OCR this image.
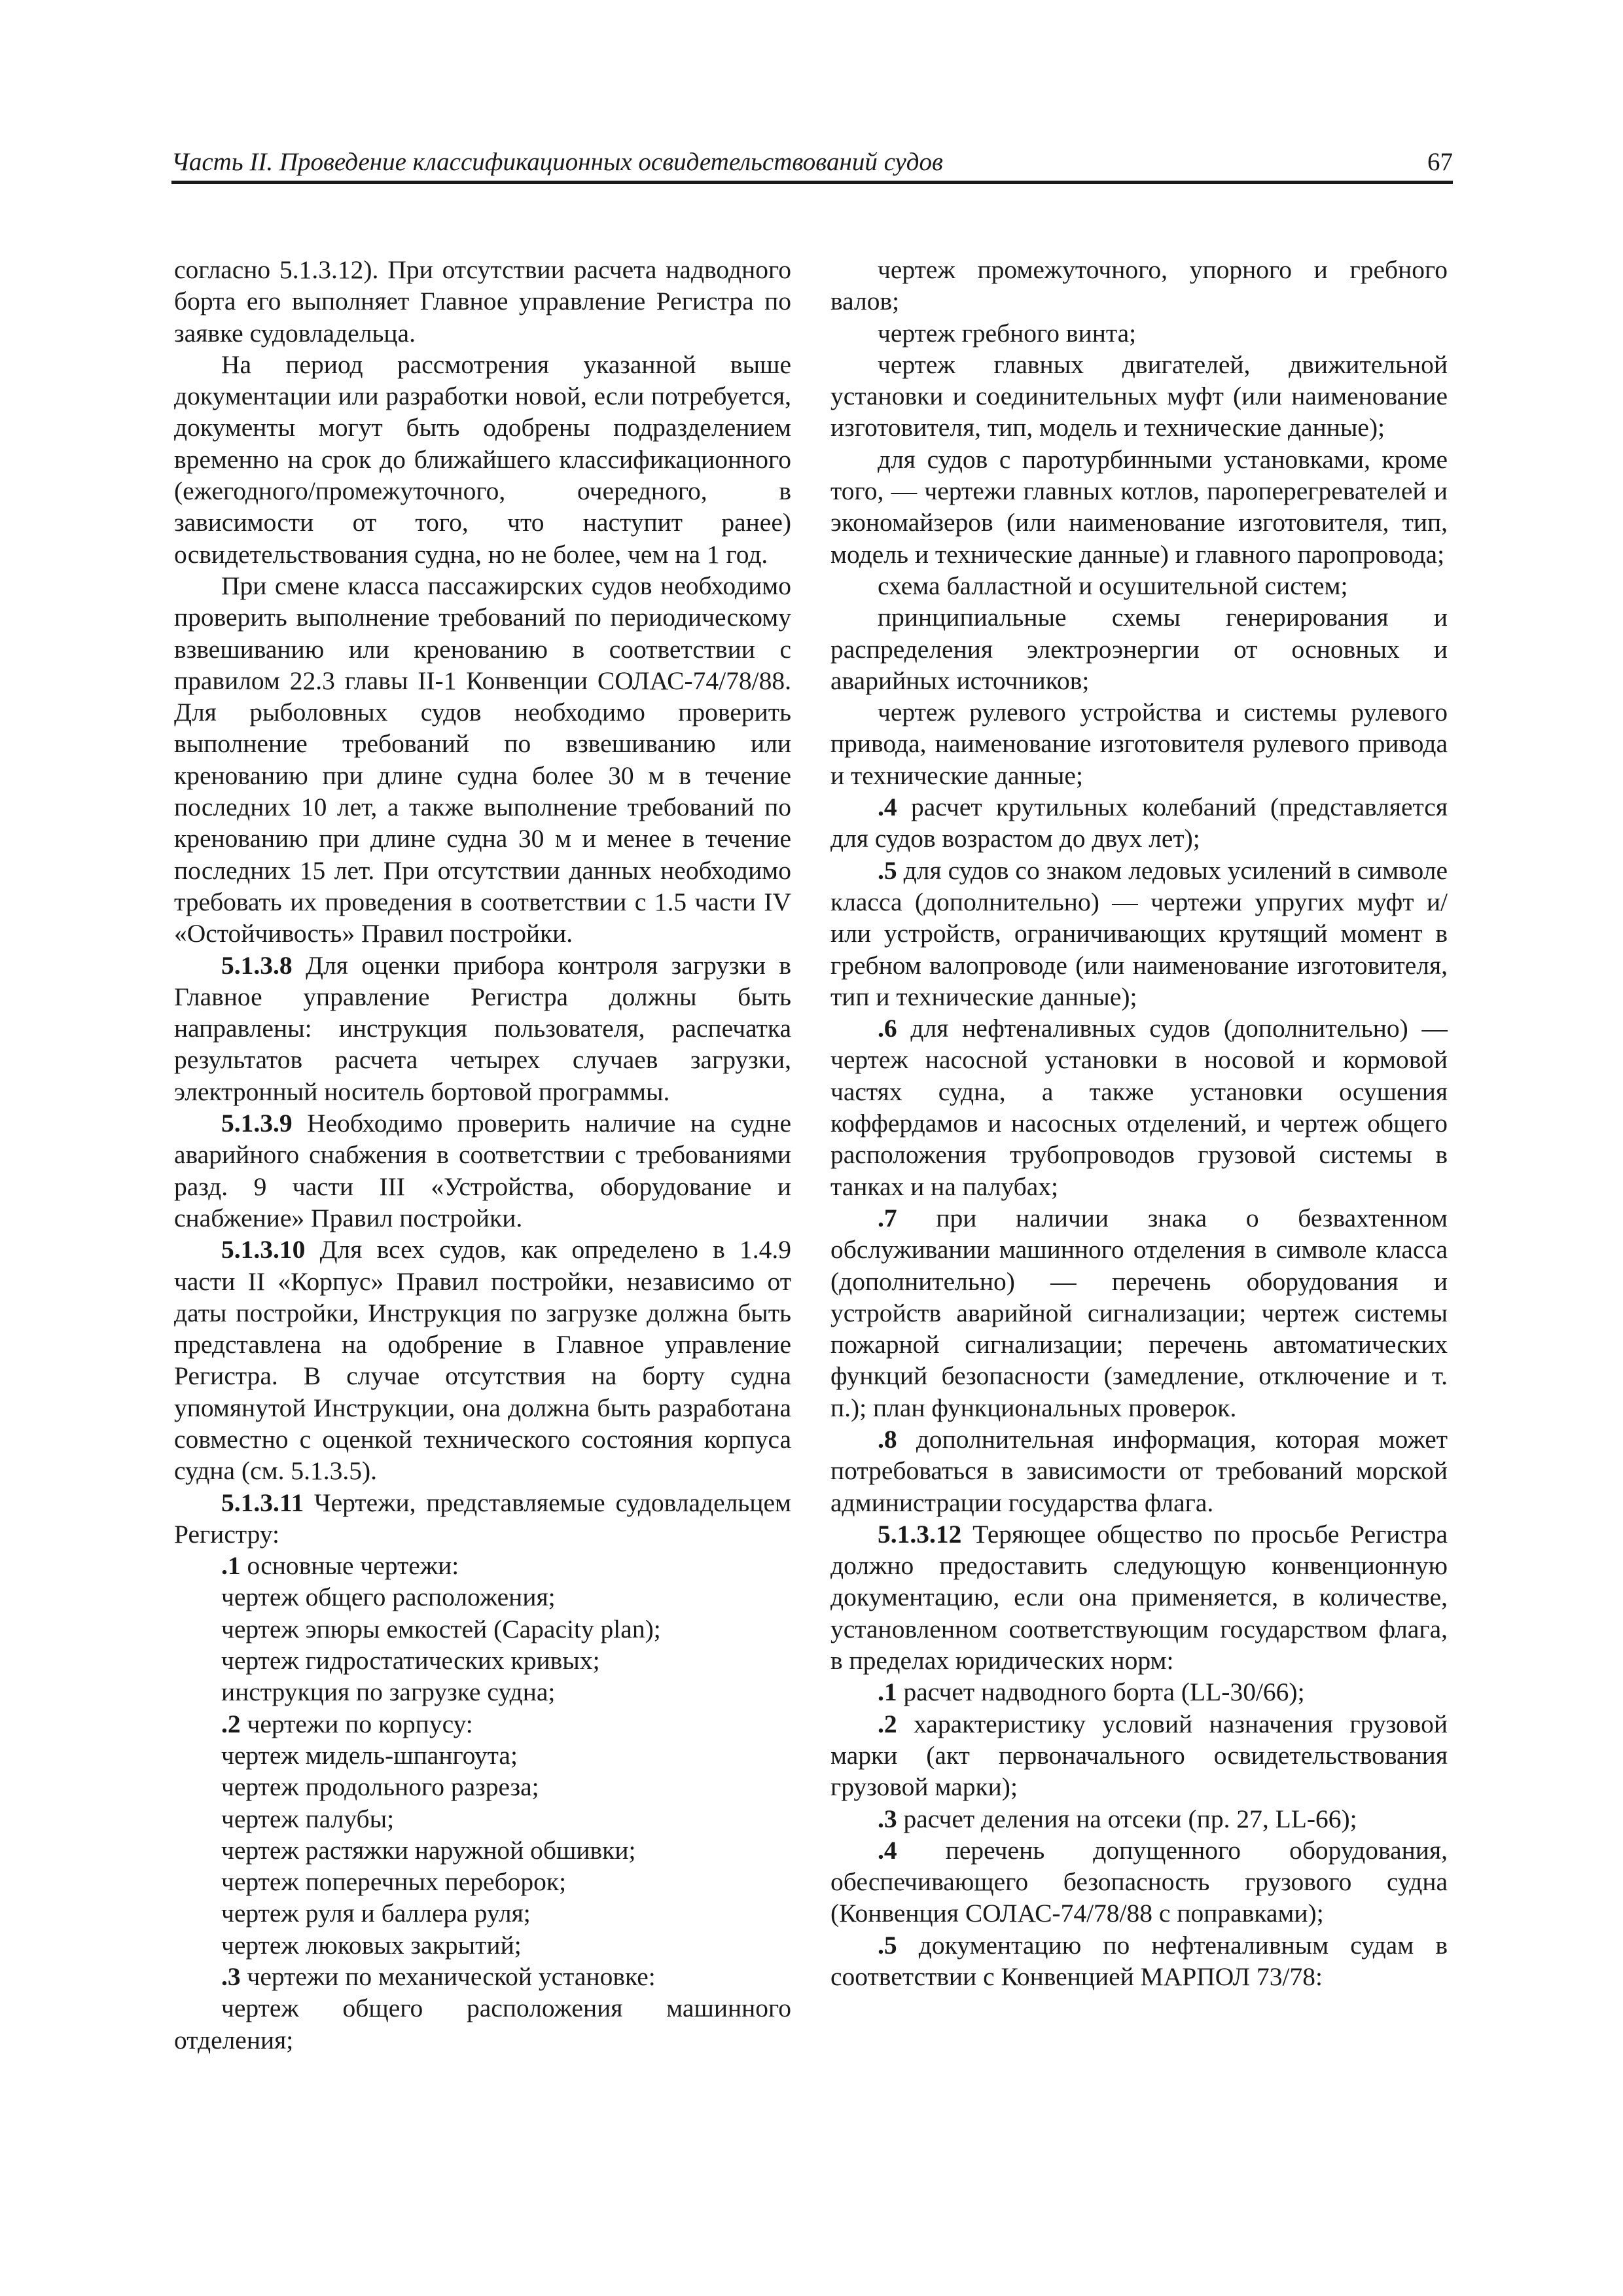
Часть II. Проведение классификационных освидетельствований судов	67

согласно 5.1.3.12). При отсутствии расчета надводного борта его выполняет Главное управление Регистра по заявке судовладельца.

На период рассмотрения указанной выше документации или разработки новой, если потребуется, документы могут быть одобрены подразделением временно на срок до ближайшего классификационного (ежегодного/промежуточного, очередного, в зависимости от того, что наступит ранее) освидетельствования судна, но не более, чем на 1 год.

При смене класса пассажирских судов необходимо проверить выполнение требований по периодическому взвешиванию или кренованию в соответствии с правилом 22.3 главы II-1 Конвенции СОЛАС-74/78/88. Для рыболовных судов необходимо проверить выполнение требований по взвешиванию или кренованию при длине судна более 30 м в течение последних 10 лет, а также выполнение требований по кренованию при длине судна 30 м и менее в течение последних 15 лет. При отсутствии данных необходимо требовать их проведения в соответствии с 1.5 части IV «Остойчивость» Правил постройки.

5.1.3.8 Для оценки прибора контроля загрузки в Главное управление Регистра должны быть направлены: инструкция пользователя, распечатка результатов расчета четырех случаев загрузки, электронный носитель бортовой программы.

5.1.3.9 Необходимо проверить наличие на судне аварийного снабжения в соответствии с требованиями разд. 9 части III «Устройства, оборудование и снабжение» Правил постройки.

5.1.3.10 Для всех судов, как определено в 1.4.9 части II «Корпус» Правил постройки, независимо от даты постройки, Инструкция по загрузке должна быть представлена на одобрение в Главное управление Регистра. В случае отсутствия на борту судна упомянутой Инструкции, она должна быть разработана совместно с оценкой технического состояния корпуса судна (см. 5.1.3.5).

5.1.3.11 Чертежи, представляемые судовладельцем Регистру:

.1 основные чертежи:

чертеж общего расположения;

чертеж эпюры емкостей (Capacity plan);

чертеж гидростатических кривых;

инструкция по загрузке судна;

.2 чертежи по корпусу:

чертеж мидель-шпангоута;

чертеж продольного разреза;

чертеж палубы;

чертеж растяжки наружной обшивки;

чертеж поперечных переборок;

чертеж руля и баллера руля;

чертеж люковых закрытий;

.3 чертежи по механической установке:

чертеж общего расположения машинного отделения;

чертеж промежуточного, упорного и гребного валов;

чертеж гребного винта;

чертеж главных двигателей, движительной установки и соединительных муфт (или наименование изготовителя, тип, модель и технические данные);

для судов с паротурбинными установками, кроме того, — чертежи главных котлов, пароперегревателей и экономайзеров (или наименование изготовителя, тип, модель и технические данные) и главного паропровода;

схема балластной и осушительной систем;

принципиальные схемы генерирования и распределения электроэнергии от основных и аварийных источников;

чертеж рулевого устройства и системы рулевого привода, наименование изготовителя рулевого привода и технические данные;

.4 расчет крутильных колебаний (представляется для судов возрастом до двух лет);

.5 для судов со знаком ледовых усилений в символе класса (дополнительно) — чертежи упругих муфт и/или устройств, ограничивающих крутящий момент в гребном валопроводе (или наименование изготовителя, тип и технические данные);

.6 для нефтеналивных судов (дополнительно) — чертеж насосной установки в носовой и кормовой частях судна, а также установки осушения коффердамов и насосных отделений, и чертеж общего расположения трубопроводов грузовой системы в танках и на палубах;

.7 при наличии знака о безвахтенном обслуживании машинного отделения в символе класса (дополнительно) — перечень оборудования и устройств аварийной сигнализации; чертеж системы пожарной сигнализации; перечень автоматических функций безопасности (замедление, отключение и т. п.); план функциональных проверок.

.8 дополнительная информация, которая может потребоваться в зависимости от требований морской администрации государства флага.

5.1.3.12 Теряющее общество по просьбе Регистра должно предоставить следующую конвенционную документацию, если она применяется, в количестве, установленном соответствующим государством флага, в пределах юридических норм:

.1 расчет надводного борта (LL-30/66);

.2 характеристику условий назначения грузовой марки (акт первоначального освидетельствования грузовой марки);

.3 расчет деления на отсеки (пр. 27, LL-66);

.4 перечень допущенного оборудования, обеспечивающего безопасность грузового судна (Конвенция СОЛАС-74/78/88 с поправками);

.5 документацию по нефтеналивным судам в соответствии с Конвенцией МАРПОЛ 73/78:
